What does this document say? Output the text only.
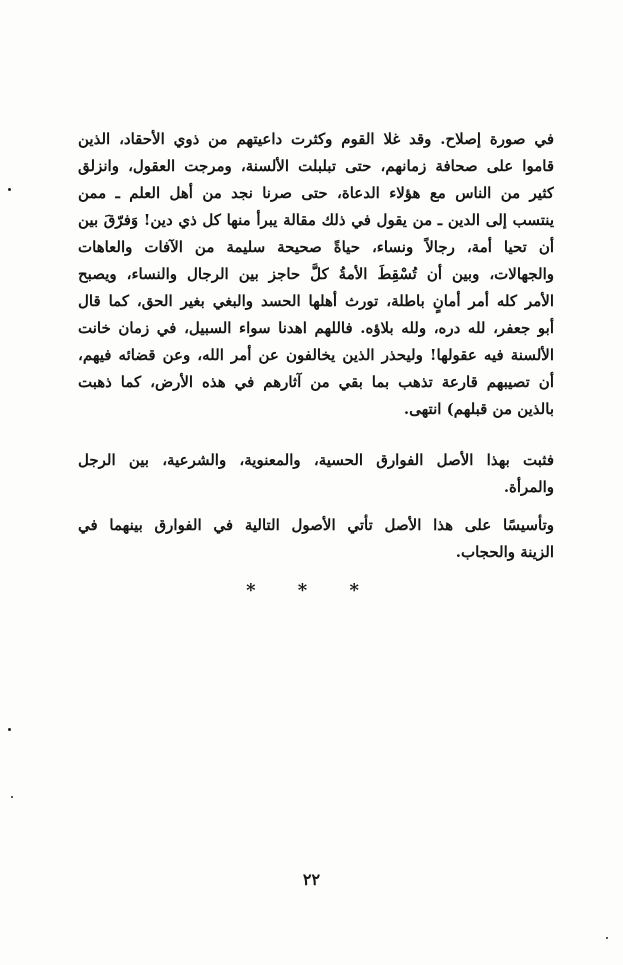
في صورة إصلاح. وقد غلا القوم وكثرت داعيتهم من ذوي الأحقاد، الذين
قاموا على صحافة زمانهم، حتى تبلبلت الألسنة، ومرجت العقول، وانزلق
كثير من الناس مع هؤلاء الدعاة، حتى صرنا نجد من أهل العلم ـ ممن
ينتسب إلى الدين ـ من يقول في ذلك مقالة يبرأ منها كل ذي دين! وَفرّقَ بين
أن تحيا أمة، رجالاً ونساء، حياةً صحيحة سليمة من الآفات والعاهات
والجهالات، وبين أن تُسْقِطَ الأمةُ كلَّ حاجز بين الرجال والنساء، ويصبح
الأمر كله أمر أمانٍ باطلة، تورث أهلها الحسد والبغي بغير الحق، كما قال
أبو جعفر، لله دره، ولله بلاؤه. فاللهم اهدنا سواء السبيل، في زمان خانت
الألسنة فيه عقولها! وليحذر الذين يخالفون عن أمر الله، وعن قضائه فيهم،
أن تصيبهم قارعة تذهب بما بقي من آثارهم في هذه الأرض، كما ذهبت
بالذين من قبلهم) انتهى.
فثبت بهذا الأصل الفوارق الحسية، والمعنوية، والشرعية، بين الرجل
والمرأة.
وتأسيسًا على هذا الأصل تأتي الأصول التالية في الفوارق بينهما في
الزينة والحجاب.
* * *
٢٢
